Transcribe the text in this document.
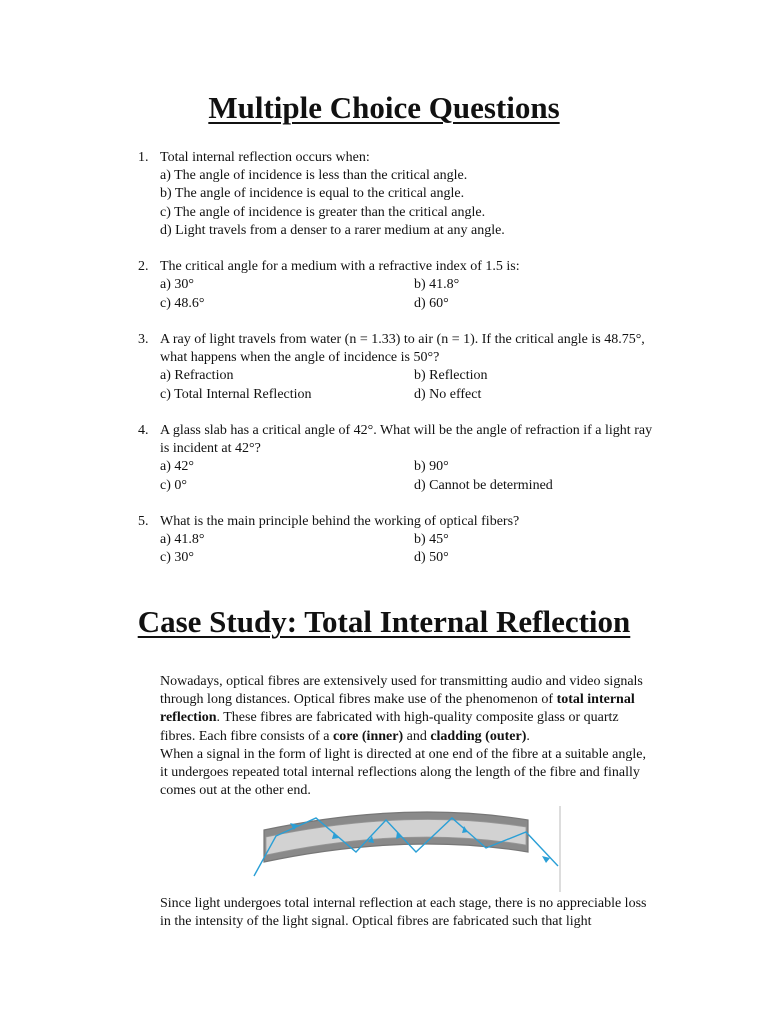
Multiple Choice Questions
1. Total internal reflection occurs when:
a) The angle of incidence is less than the critical angle.
b) The angle of incidence is equal to the critical angle.
c) The angle of incidence is greater than the critical angle.
d) Light travels from a denser to a rarer medium at any angle.
2. The critical angle for a medium with a refractive index of 1.5 is:
a) 30°	b) 41.8°
c) 48.6°	d) 60°
3. A ray of light travels from water (n = 1.33) to air (n = 1). If the critical angle is 48.75°, what happens when the angle of incidence is 50°?
a) Refraction	b) Reflection
c) Total Internal Reflection	d) No effect
4. A glass slab has a critical angle of 42°. What will be the angle of refraction if a light ray is incident at 42°?
a) 42°	b) 90°
c) 0°	d) Cannot be determined
5. What is the main principle behind the working of optical fibers?
a) 41.8°	b) 45°
c) 30°	d) 50°
Case Study: Total Internal Reflection

Nowadays, optical fibres are extensively used for transmitting audio and video signals through long distances. Optical fibres make use of the phenomenon of total internal reflection. These fibres are fabricated with high-quality composite glass or quartz fibres. Each fibre consists of a core (inner) and cladding (outer).
When a signal in the form of light is directed at one end of the fibre at a suitable angle, it undergoes repeated total internal reflections along the length of the fibre and finally comes out at the other end.

Since light undergoes total internal reflection at each stage, there is no appreciable loss in the intensity of the light signal. Optical fibres are fabricated such that light
